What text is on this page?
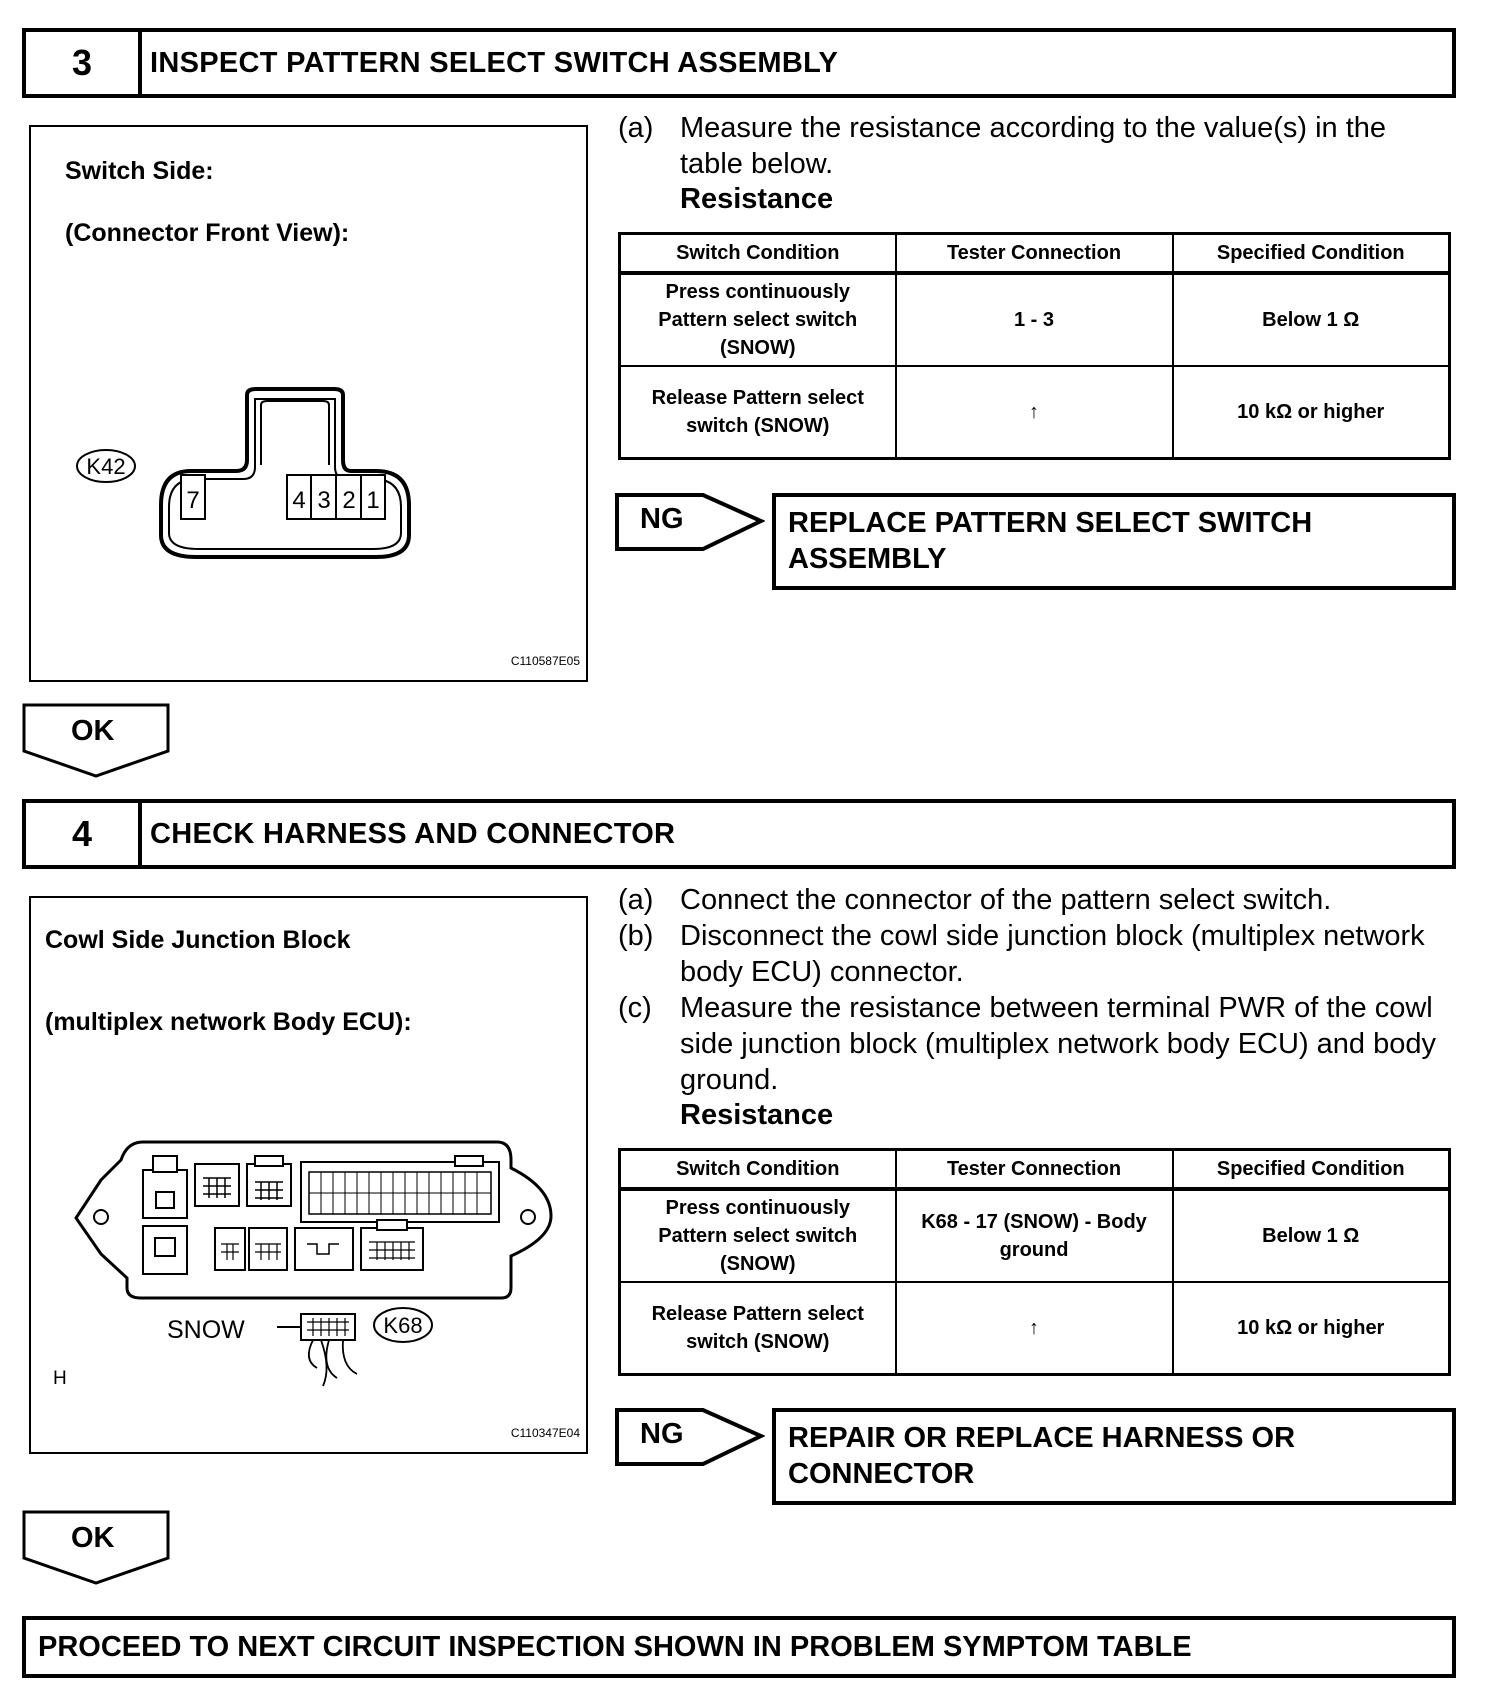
3	INSPECT PATTERN SELECT SWITCH ASSEMBLY
Switch Side:
(Connector Front View):
7	4 3 2 1
K42
C110587E05
(a) Measure the resistance according to the value(s) in the table below.
Resistance
Switch Condition	Tester Connection	Specified Condition
Press continuously Pattern select switch (SNOW)	1 - 3	Below 1 Ω
Release Pattern select switch (SNOW)	↑	10 kΩ or higher
NG	REPLACE PATTERN SELECT SWITCH ASSEMBLY
OK
4	CHECK HARNESS AND CONNECTOR
Cowl Side Junction Block
(multiplex network Body ECU):
K68
SNOW
H
C110347E04
(a) Connect the connector of the pattern select switch.
(b) Disconnect the cowl side junction block (multiplex network body ECU) connector.
(c) Measure the resistance between terminal PWR of the cowl side junction block (multiplex network body ECU) and body ground.
Resistance
Switch Condition	Tester Connection	Specified Condition
Press continuously Pattern select switch (SNOW)	K68 - 17 (SNOW) - Body ground	Below 1 Ω
Release Pattern select switch (SNOW)	↑	10 kΩ or higher
NG	REPAIR OR REPLACE HARNESS OR CONNECTOR
OK
PROCEED TO NEXT CIRCUIT INSPECTION SHOWN IN PROBLEM SYMPTOM TABLE
